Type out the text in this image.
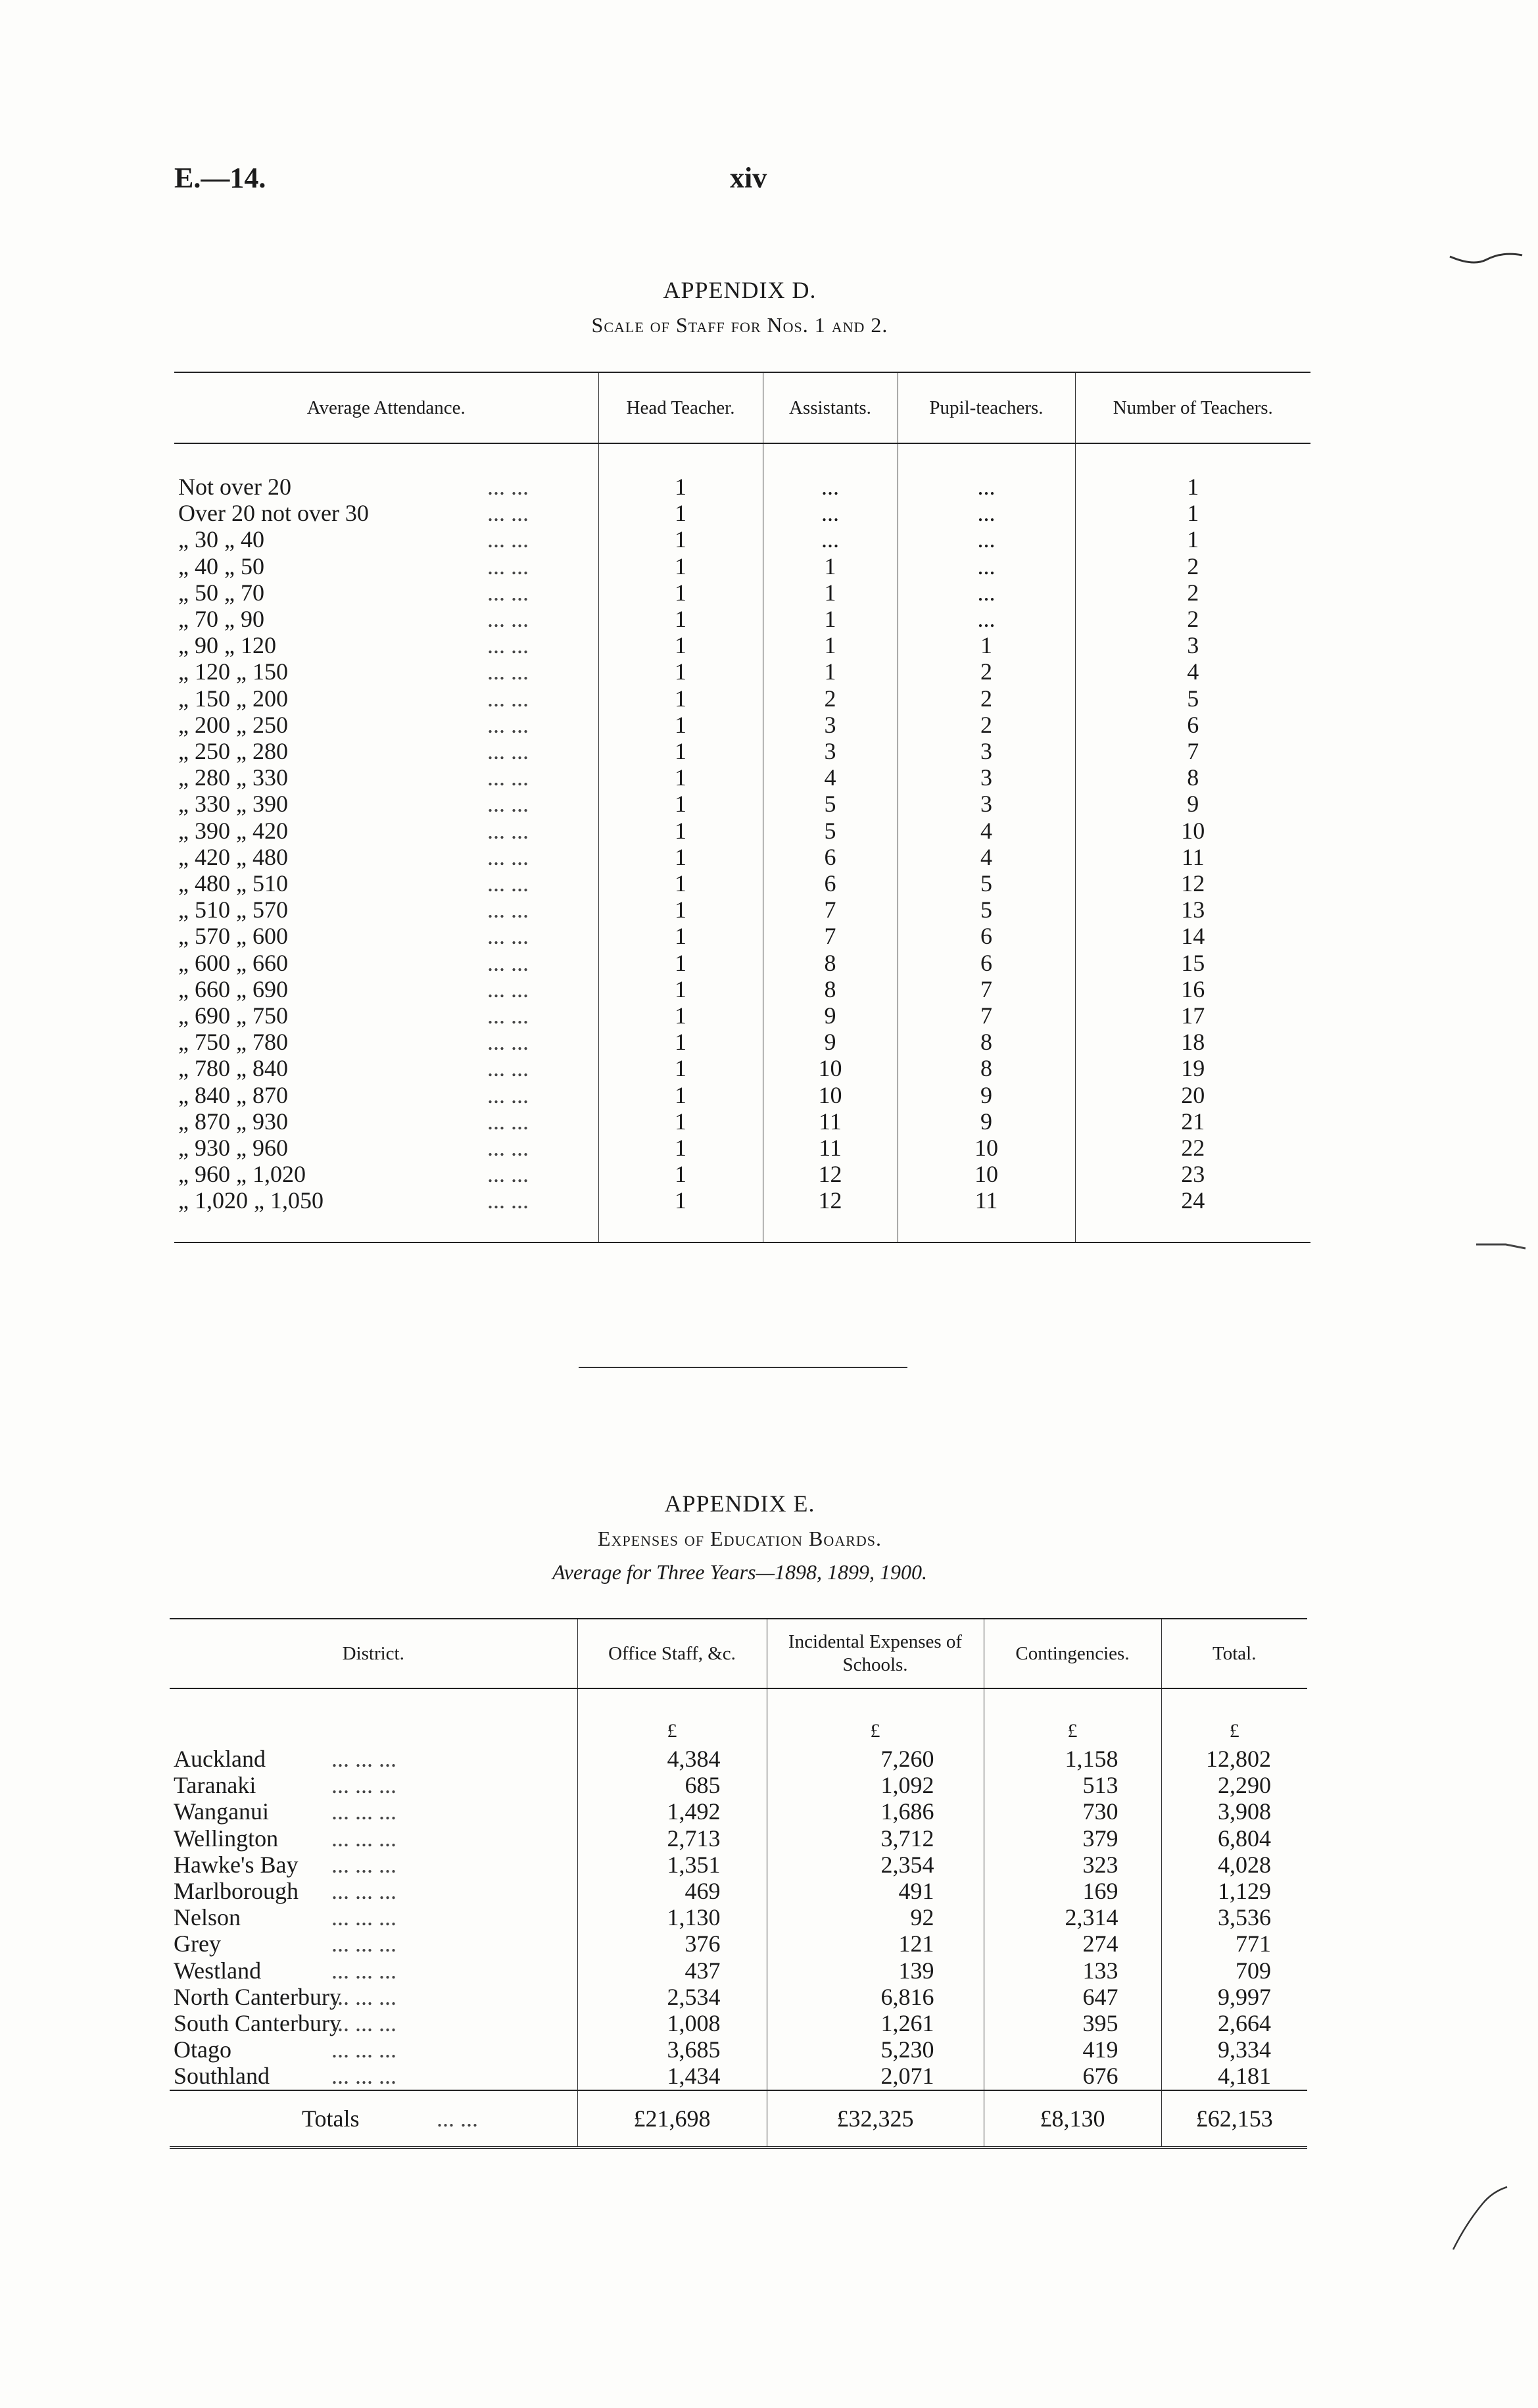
E.—14.	xiv
APPENDIX D.
Scale of Staff for Nos. 1 and 2.
Average Attendance.	Head Teacher.	Assistants.	Pupil-teachers.	Number of Teachers.

Not over 20 ... ...	1	...	...	1
Over 20 not over 30 ... ...	1	...	...	1
„ 30 „ 40 ... ...	1	...	...	1
„ 40 „ 50 ... ...	1	1	...	2
„ 50 „ 70 ... ...	1	1	...	2
„ 70 „ 90 ... ...	1	1	...	2
„ 90 „ 120 ... ...	1	1	1	3
„ 120 „ 150 ... ...	1	1	2	4
„ 150 „ 200 ... ...	1	2	2	5
„ 200 „ 250 ... ...	1	3	2	6
„ 250 „ 280 ... ...	1	3	3	7
„ 280 „ 330 ... ...	1	4	3	8
„ 330 „ 390 ... ...	1	5	3	9
„ 390 „ 420 ... ...	1	5	4	10
„ 420 „ 480 ... ...	1	6	4	11
„ 480 „ 510 ... ...	1	6	5	12
„ 510 „ 570 ... ...	1	7	5	13
„ 570 „ 600 ... ...	1	7	6	14
„ 600 „ 660 ... ...	1	8	6	15
„ 660 „ 690 ... ...	1	8	7	16
„ 690 „ 750 ... ...	1	9	7	17
„ 750 „ 780 ... ...	1	9	8	18
„ 780 „ 840 ... ...	1	10	8	19
„ 840 „ 870 ... ...	1	10	9	20
„ 870 „ 930 ... ...	1	11	9	21
„ 930 „ 960 ... ...	1	11	10	22
„ 960 „ 1,020 ... ...	1	12	10	23
„ 1,020 „ 1,050 ... ...	1	12	11	24

APPENDIX E.
Expenses of Education Boards.
Average for Three Years—1898, 1899, 1900.
District.	Office Staff, &c.	Incidental Expenses of Schools.	Contingencies.	Total.

	£	£	£	£
Auckland ... ... ...	4,384	7,260	1,158	12,802
Taranaki ... ... ...	685	1,092	513	2,290
Wanganui ... ... ...	1,492	1,686	730	3,908
Wellington ... ... ...	2,713	3,712	379	6,804
Hawke's Bay ... ... ...	1,351	2,354	323	4,028
Marlborough ... ... ...	469	491	169	1,129
Nelson ... ... ...	1,130	92	2,314	3,536
Grey ... ... ...	376	121	274	771
Westland ... ... ...	437	139	133	709
North Canterbury... ... ...	2,534	6,816	647	9,997
South Canterbury... ... ...	1,008	1,261	395	2,664
Otago ... ... ...	3,685	5,230	419	9,334
Southland ... ... ...	1,434	2,071	676	4,181
Totals ... ...	£21,698	£32,325	£8,130	£62,153
